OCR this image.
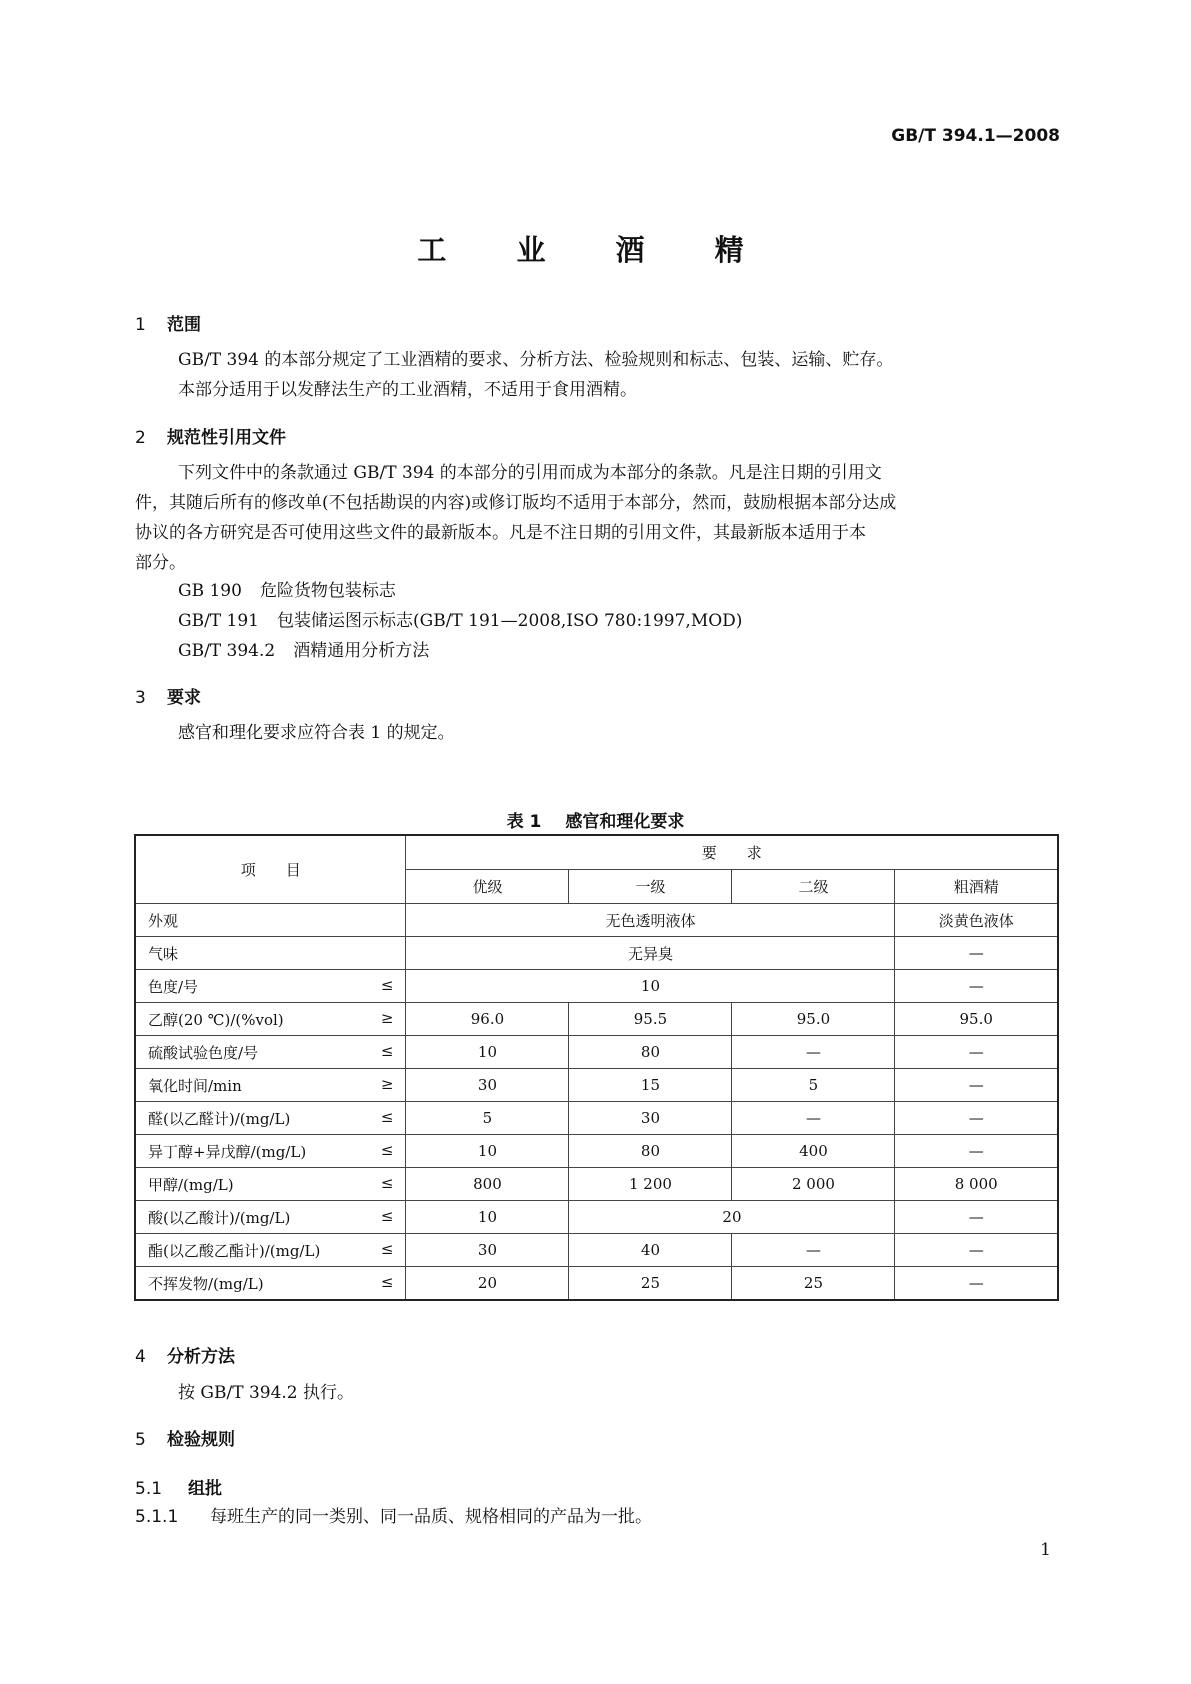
GB/T 394.1—2008
工 业 酒 精
1 范围
GB/T 394 的本部分规定了工业酒精的要求、分析方法、检验规则和标志、包装、运输、贮存。
本部分适用于以发酵法生产的工业酒精，不适用于食用酒精。
2 规范性引用文件
下列文件中的条款通过 GB/T 394 的本部分的引用而成为本部分的条款。凡是注日期的引用文
件，其随后所有的修改单(不包括勘误的内容)或修订版均不适用于本部分，然而，鼓励根据本部分达成
协议的各方研究是否可使用这些文件的最新版本。凡是不注日期的引用文件，其最新版本适用于本
部分。
GB 190 危险货物包装标志
GB/T 191 包装储运图示标志(GB/T 191—2008,ISO 780:1997,MOD)
GB/T 394.2 酒精通用分析方法
3 要求
感官和理化要求应符合表 1 的规定。
表 1 感官和理化要求
项　　目	要　　求			
	优级	一级	二级	粗酒精
外观	无色透明液体			淡黄色液体
气味	无异臭			—
色度/号 ≤	10			—
乙醇(20 ℃)/(%vol) ≥	96.0	95.5	95.0	95.0
硫酸试验色度/号 ≤	10	80	—	—
氧化时间/min ≥	30	15	5	—
醛(以乙醛计)/(mg/L) ≤	5	30	—	—
异丁醇+异戊醇/(mg/L) ≤	10	80	400	—
甲醇/(mg/L) ≤	800	1 200	2 000	8 000
酸(以乙酸计)/(mg/L) ≤	10	20		—
酯(以乙酸乙酯计)/(mg/L) ≤	30	40	—	—
不挥发物/(mg/L) ≤	20	25	25	—
4 分析方法
按 GB/T 394.2 执行。
5 检验规则
5.1 组批
5.1.1 每班生产的同一类别、同一品质、规格相同的产品为一批。
1
